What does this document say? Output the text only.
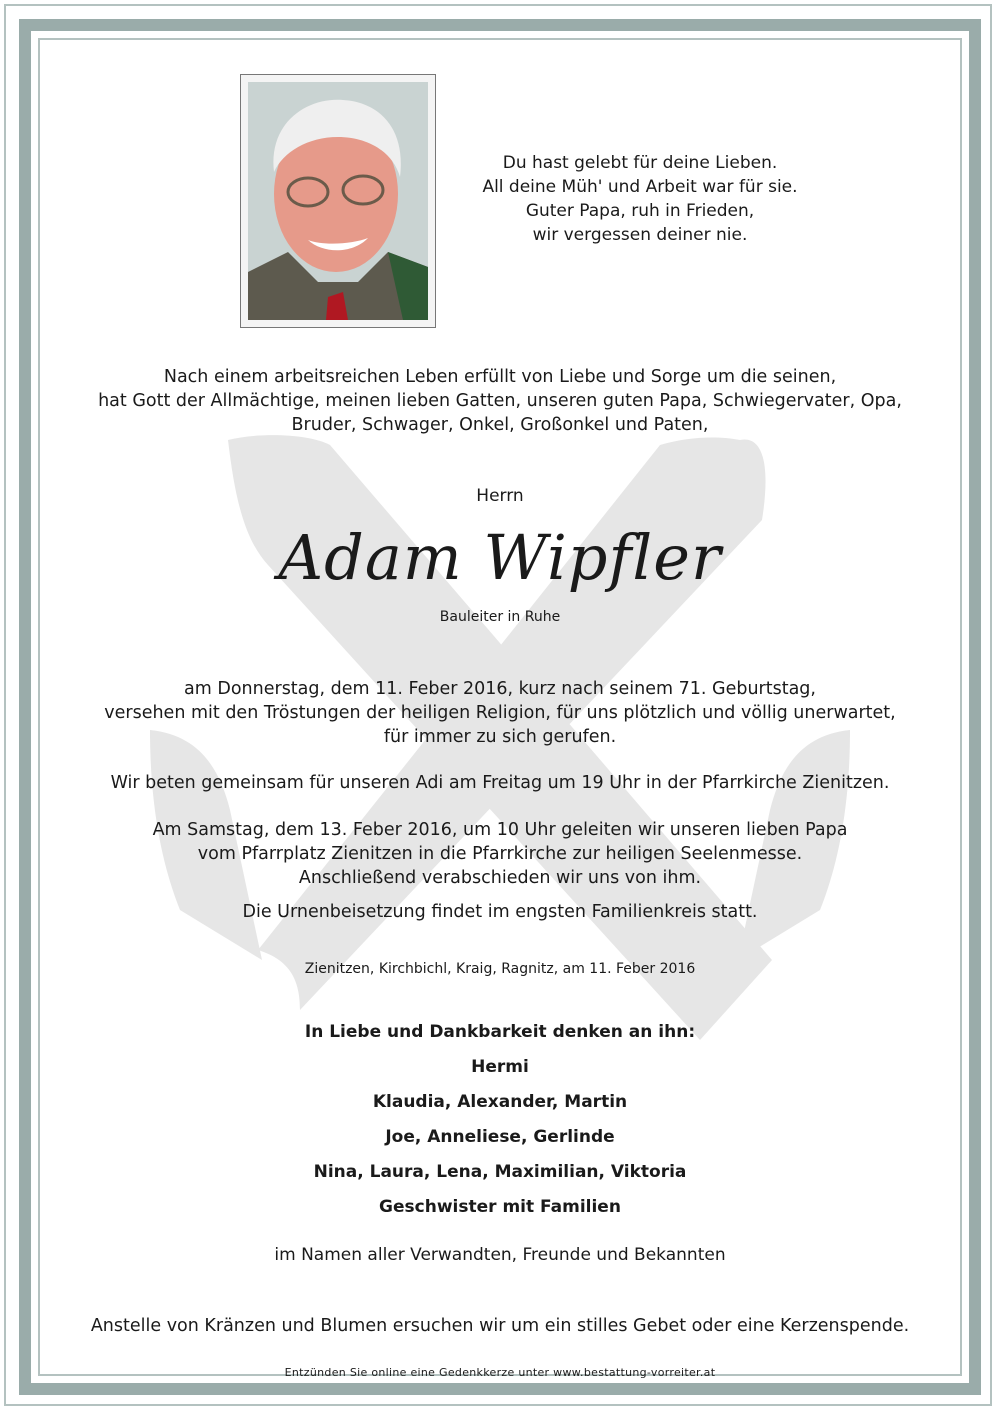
Du hast gelebt für deine Lieben.
All deine Müh' und Arbeit war für sie.
Guter Papa, ruh in Frieden,
wir vergessen deiner nie.
Nach einem arbeitsreichen Leben erfüllt von Liebe und Sorge um die seinen,
hat Gott der Allmächtige, meinen lieben Gatten, unseren guten Papa, Schwiegervater, Opa,
Bruder, Schwager, Onkel, Großonkel und Paten,
Herrn
Adam Wipfler
Bauleiter in Ruhe
am Donnerstag, dem 11. Feber 2016, kurz nach seinem 71. Geburtstag,
versehen mit den Tröstungen der heiligen Religion, für uns plötzlich und völlig unerwartet,
für immer zu sich gerufen.
Wir beten gemeinsam für unseren Adi am Freitag um 19 Uhr in der Pfarrkirche Zienitzen.
Am Samstag, dem 13. Feber 2016, um 10 Uhr geleiten wir unseren lieben Papa
vom Pfarrplatz Zienitzen in die Pfarrkirche zur heiligen Seelenmesse.
Anschließend verabschieden wir uns von ihm.
Die Urnenbeisetzung findet im engsten Familienkreis statt.
Zienitzen, Kirchbichl, Kraig, Ragnitz, am 11. Feber 2016
In Liebe und Dankbarkeit denken an ihn:
Hermi
Klaudia, Alexander, Martin
Joe, Anneliese, Gerlinde
Nina, Laura, Lena, Maximilian, Viktoria
Geschwister mit Familien
im Namen aller Verwandten, Freunde und Bekannten
Anstelle von Kränzen und Blumen ersuchen wir um ein stilles Gebet oder eine Kerzenspende.
Entzünden Sie online eine Gedenkkerze unter www.bestattung-vorreiter.at
